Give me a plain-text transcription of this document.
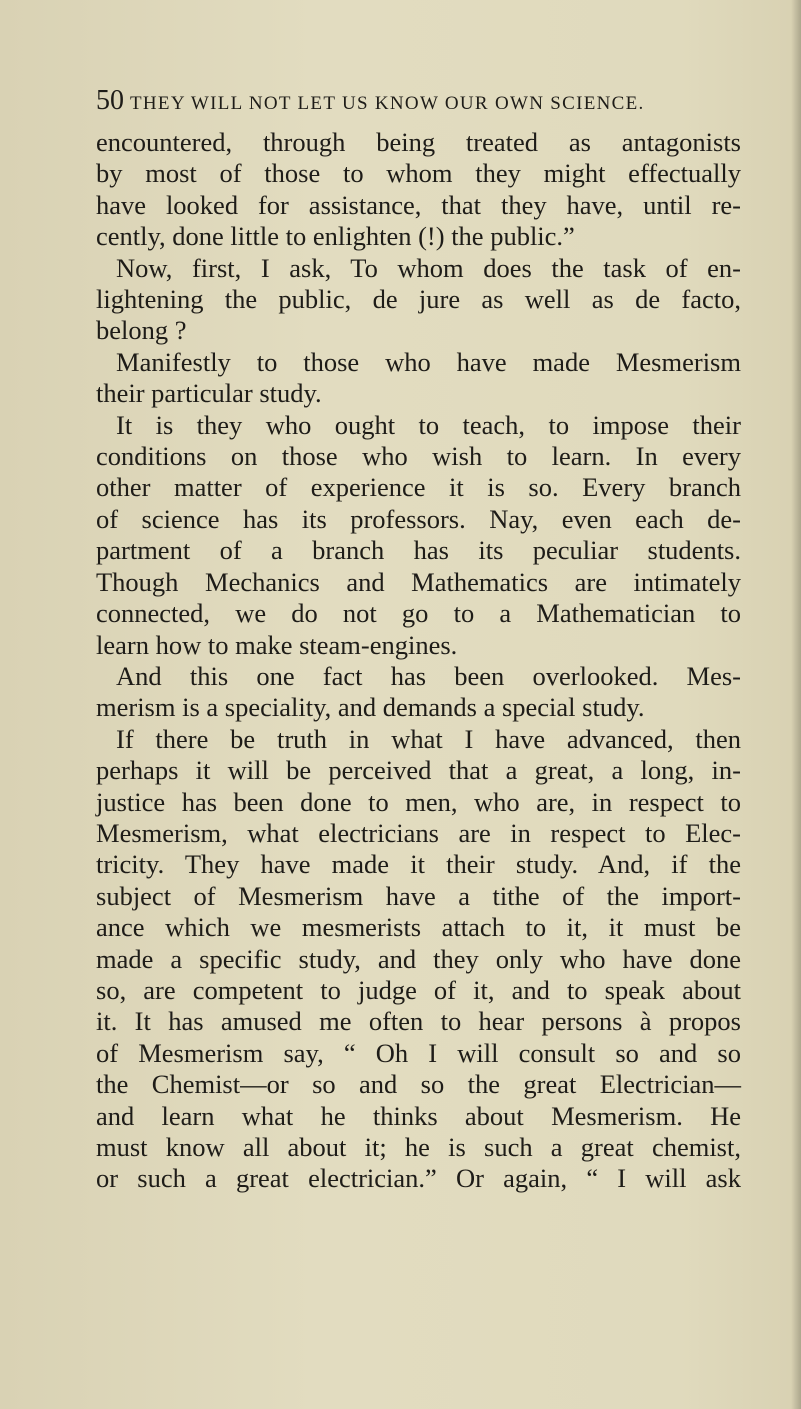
50 THEY WILL NOT LET US KNOW OUR OWN SCIENCE.
encountered, through being treated as antagonists
by most of those to whom they might effectually
have looked for assistance, that they have, until re-
cently, done little to enlighten (!) the public.”
Now, first, I ask, To whom does the task of en-
lightening the public, de jure as well as de facto,
belong ?
Manifestly to those who have made Mesmerism
their particular study.
It is they who ought to teach, to impose their
conditions on those who wish to learn. In every
other matter of experience it is so. Every branch
of science has its professors. Nay, even each de-
partment of a branch has its peculiar students.
Though Mechanics and Mathematics are intimately
connected, we do not go to a Mathematician to
learn how to make steam-engines.
And this one fact has been overlooked. Mes-
merism is a speciality, and demands a special study.
If there be truth in what I have advanced, then
perhaps it will be perceived that a great, a long, in-
justice has been done to men, who are, in respect to
Mesmerism, what electricians are in respect to Elec-
tricity. They have made it their study. And, if the
subject of Mesmerism have a tithe of the import-
ance which we mesmerists attach to it, it must be
made a specific study, and they only who have done
so, are competent to judge of it, and to speak about
it. It has amused me often to hear persons à propos
of Mesmerism say, “ Oh I will consult so and so
the Chemist—or so and so the great Electrician—
and learn what he thinks about Mesmerism. He
must know all about it; he is such a great chemist,
or such a great electrician.” Or again, “ I will ask
